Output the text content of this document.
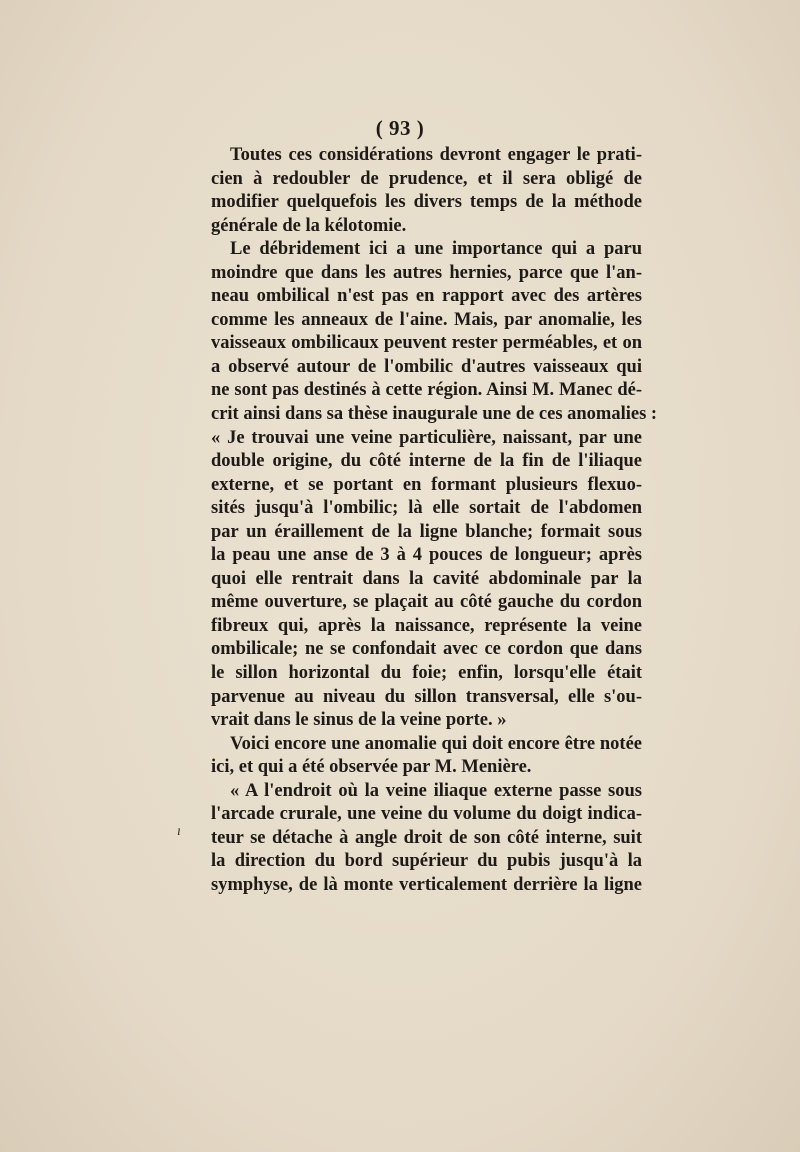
( 93 )
Toutes ces considérations devront engager le prati-
cien à redoubler de prudence, et il sera obligé de
modifier quelquefois les divers temps de la méthode
générale de la kélotomie.
Le débridement ici a une importance qui a paru
moindre que dans les autres hernies, parce que l'an-
neau ombilical n'est pas en rapport avec des artères
comme les anneaux de l'aine. Mais, par anomalie, les
vaisseaux ombilicaux peuvent rester perméables, et on
a observé autour de l'ombilic d'autres vaisseaux qui
ne sont pas destinés à cette région. Ainsi M. Manec dé-
crit ainsi dans sa thèse inaugurale une de ces anomalies :
« Je trouvai une veine particulière, naissant, par une
double origine, du côté interne de la fin de l'iliaque
externe, et se portant en formant plusieurs flexuo-
sités jusqu'à l'ombilic; là elle sortait de l'abdomen
par un éraillement de la ligne blanche; formait sous
la peau une anse de 3 à 4 pouces de longueur; après
quoi elle rentrait dans la cavité abdominale par la
même ouverture, se plaçait au côté gauche du cordon
fibreux qui, après la naissance, représente la veine
ombilicale; ne se confondait avec ce cordon que dans
le sillon horizontal du foie; enfin, lorsqu'elle était
parvenue au niveau du sillon transversal, elle s'ou-
vrait dans le sinus de la veine porte. »
Voici encore une anomalie qui doit encore être notée
ici, et qui a été observée par M. Menière.
« A l'endroit où la veine iliaque externe passe sous
l'arcade crurale, une veine du volume du doigt indica-
teur se détache à angle droit de son côté interne, suit
la direction du bord supérieur du pubis jusqu'à la
symphyse, de là monte verticalement derrière la ligne
ı
